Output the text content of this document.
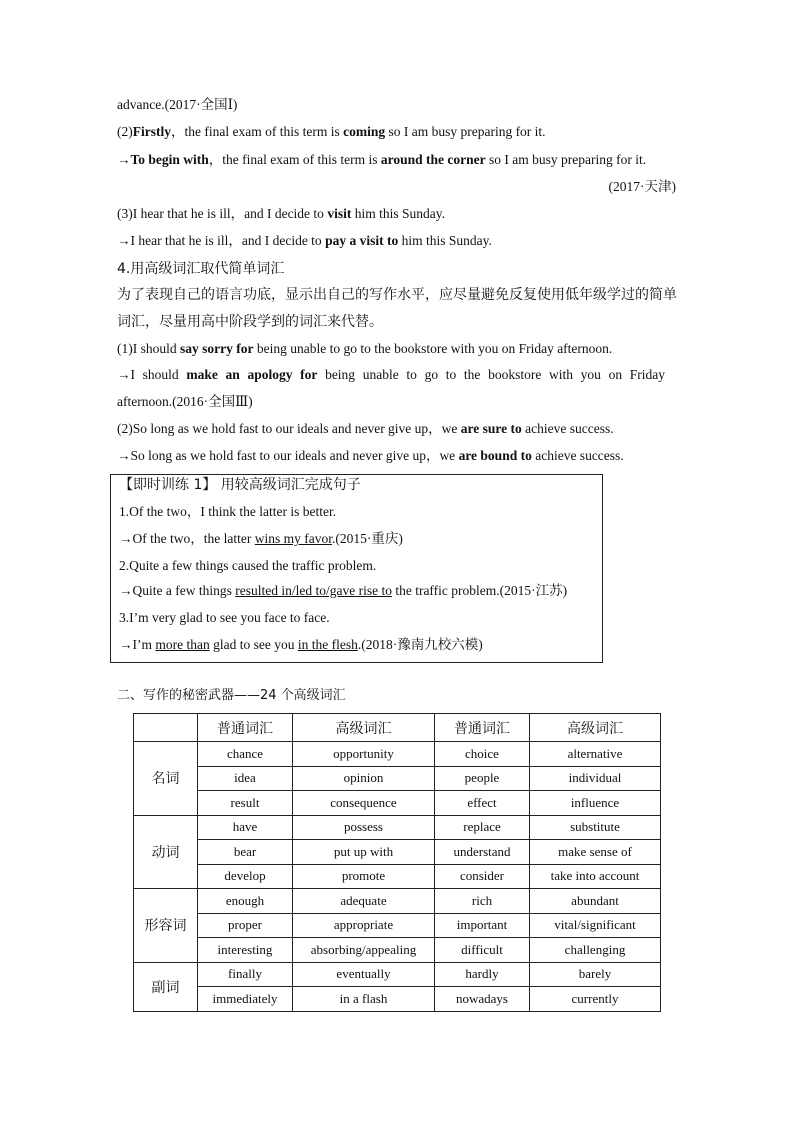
advance.(2017·全国Ⅰ)
(2)Firstly，the final exam of this term is coming so I am busy preparing for it.
→To begin with，the final exam of this term is around the corner so I am busy preparing for it.
(2017·天津)
(3)I hear that he is ill，and I decide to visit him this Sunday.
→I hear that he is ill，and I decide to pay a visit to him this Sunday.
4.用高级词汇取代简单词汇
为了表现自己的语言功底，显示出自己的写作水平，应尽量避免反复使用低年级学过的简单
词汇，尽量用高中阶段学到的词汇来代替。
(1)I should say sorry for being unable to go to the bookstore with you on Friday afternoon.
→I should make an apology for being unable to go to the bookstore with you on Friday
afternoon.(2016·全国Ⅲ)
(2)So long as we hold fast to our ideals and never give up，we are sure to achieve success.
→So long as we hold fast to our ideals and never give up，we are bound to achieve success.
【即时训练 1】 用较高级词汇完成句子
1.Of the two，I think the latter is better.
→Of the two，the latter wins my favor.(2015·重庆)
2.Quite a few things caused the traffic problem.
→Quite a few things resulted in/led to/gave rise to the traffic problem.(2015·江苏)
3.I’m very glad to see you face to face.
→I’m more than glad to see you in the flesh.(2018·豫南九校六模)
二、写作的秘密武器——24 个高级词汇
	普通词汇	高级词汇	普通词汇	高级词汇
名词	chance	opportunity	choice	alternative
	idea	opinion	people	individual
	result	consequence	effect	influence
动词	have	possess	replace	substitute
	bear	put up with	understand	make sense of
	develop	promote	consider	take into account
形容词	enough	adequate	rich	abundant
	proper	appropriate	important	vital/significant
	interesting	absorbing/appealing	difficult	challenging
副词	finally	eventually	hardly	barely
	immediately	in a flash	nowadays	currently
